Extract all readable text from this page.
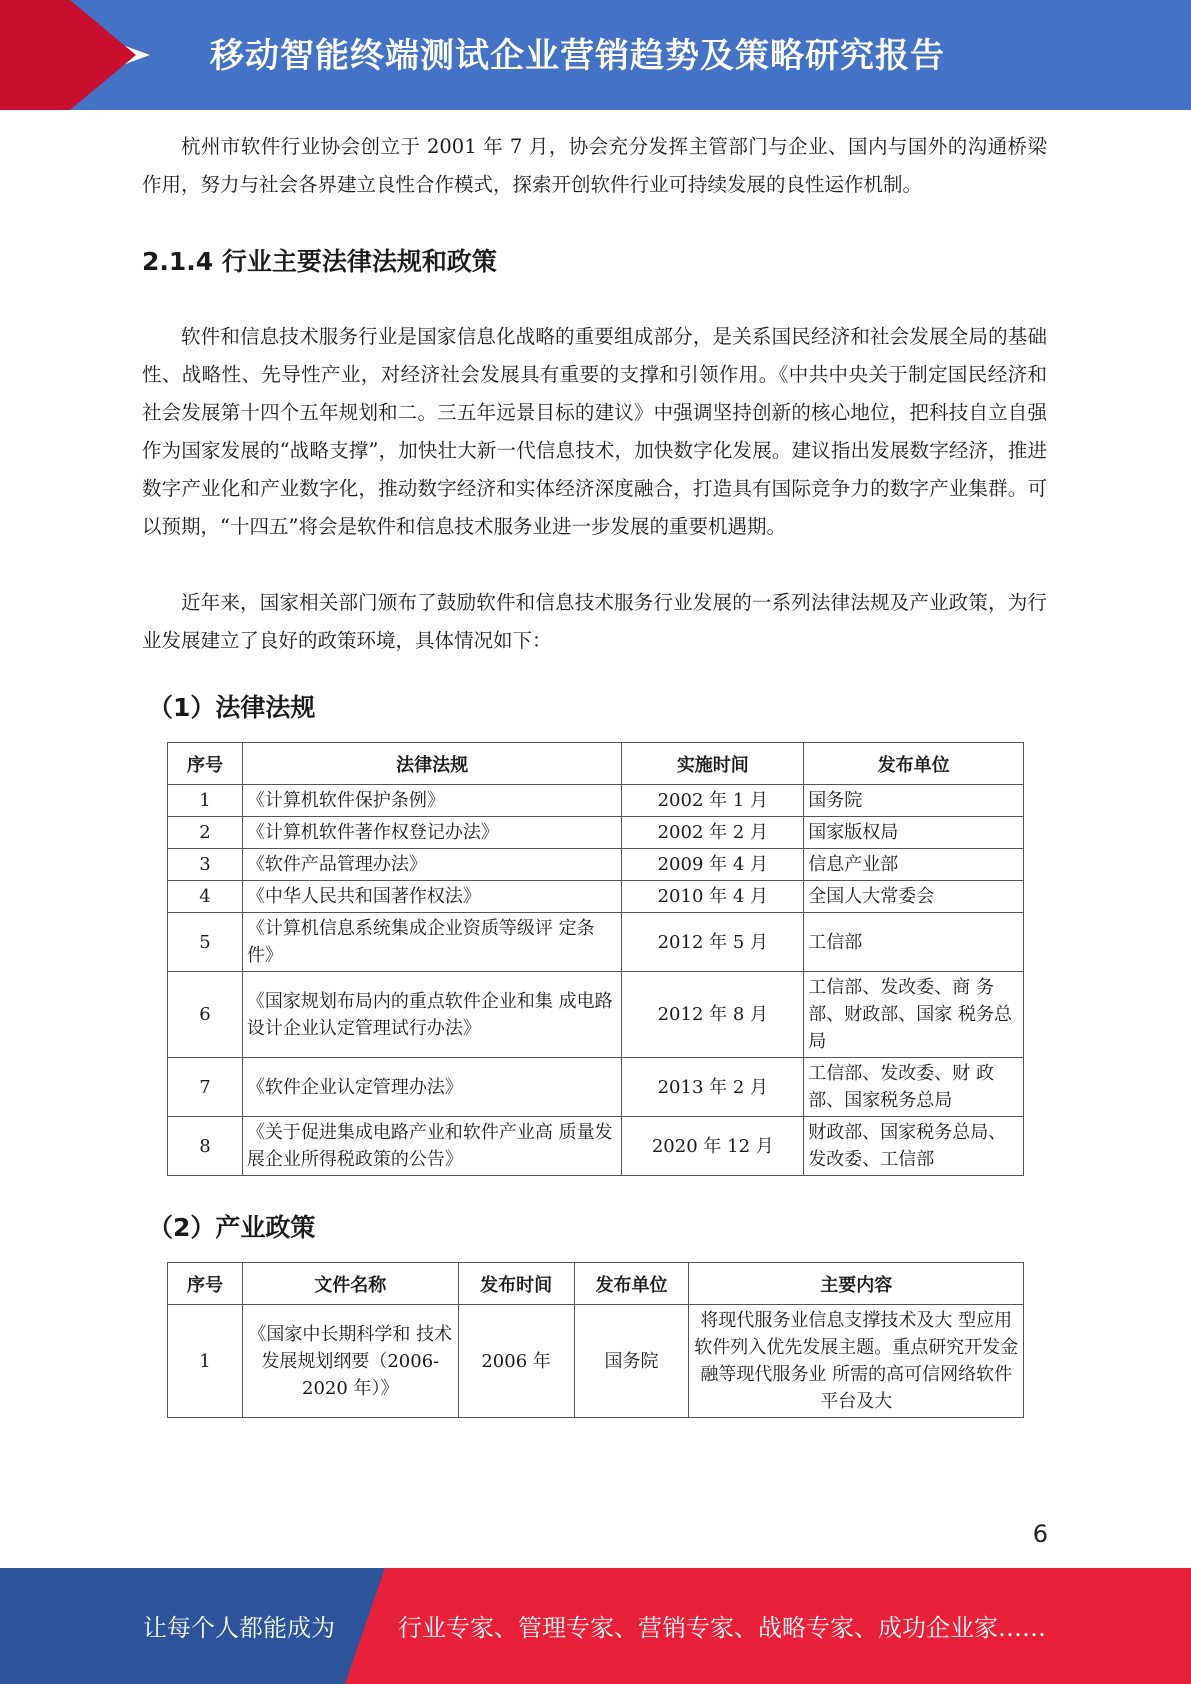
移动智能终端测试企业营销趋势及策略研究报告

杭州市软件行业协会创立于 2001 年 7 月，协会充分发挥主管部门与企业、国内与国外的沟通桥梁作用，努力与社会各界建立良性合作模式，探索开创软件行业可持续发展的良性运作机制。

2.1.4 行业主要法律法规和政策

软件和信息技术服务行业是国家信息化战略的重要组成部分，是关系国民经济和社会发展全局的基础性、战略性、先导性产业，对经济社会发展具有重要的支撑和引领作用。《中共中央关于制定国民经济和社会发展第十四个五年规划和二。三五年远景目标的建议》中强调坚持创新的核心地位，把科技自立自强作为国家发展的“战略支撑”，加快壮大新一代信息技术，加快数字化发展。建议指出发展数字经济，推进数字产业化和产业数字化，推动数字经济和实体经济深度融合，打造具有国际竞争力的数字产业集群。可以预期，“十四五”将会是软件和信息技术服务业进一步发展的重要机遇期。

近年来，国家相关部门颁布了鼓励软件和信息技术服务行业发展的一系列法律法规及产业政策，为行业发展建立了良好的政策环境，具体情况如下：

（1）法律法规
序号	法律法规	实施时间	发布单位
1	《计算机软件保护条例》	2002 年 1 月	国务院
2	《计算机软件著作权登记办法》	2002 年 2 月	国家版权局
3	《软件产品管理办法》	2009 年 4 月	信息产业部
4	《中华人民共和国著作权法》	2010 年 4 月	全国人大常委会
5	《计算机信息系统集成企业资质等级评 定条件》	2012 年 5 月	工信部
6	《国家规划布局内的重点软件企业和集 成电路设计企业认定管理试行办法》	2012 年 8 月	工信部、发改委、商 务部、财政部、国家 税务总局
7	《软件企业认定管理办法》	2013 年 2 月	工信部、发改委、财 政部、国家税务总局
8	《关于促进集成电路产业和软件产业高 质量发展企业所得税政策的公告》	2020 年 12 月	财政部、国家税务总局、发改委、工信部
（2）产业政策
序号	文件名称	发布时间	发布单位	主要内容
1	《国家中长期科学和 技术发展规划纲要（2006-2020 年）》	2006 年	国务院	将现代服务业信息支撑技术及大 型应用软件列入优先发展主题。重点研究开发金融等现代服务业 所需的高可信网络软件平台及大
6
让每个人都能成为	行业专家、管理专家、营销专家、战略专家、成功企业家……
